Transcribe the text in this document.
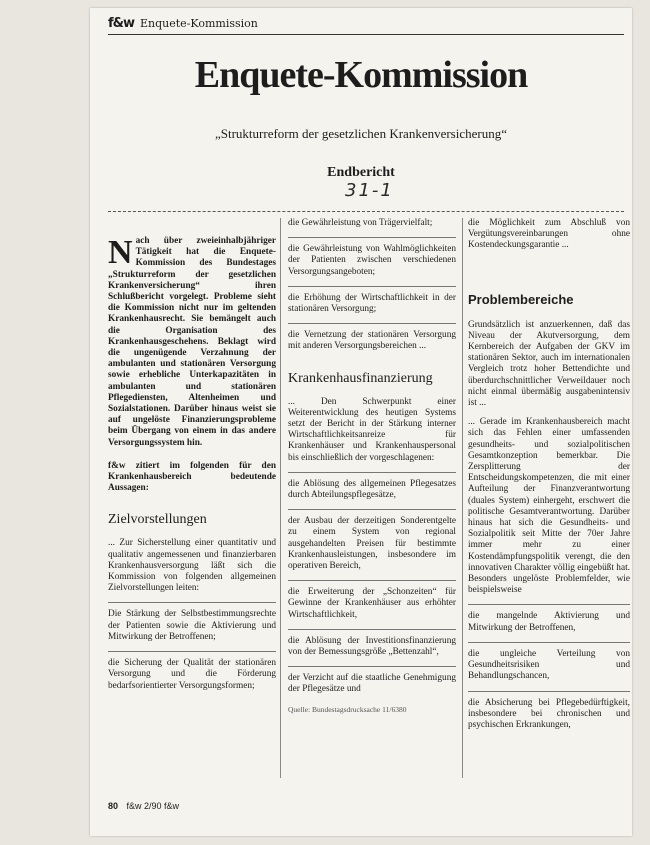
f&w Enquete-Kommission
Enquete-Kommission
„Strukturreform der gesetzlichen Krankenversicherung“
Endbericht
31-1

Nach über zweieinhalbjähriger Tätigkeit hat die Enquete-Kommission des Bundestages „Strukturreform der gesetzlichen Krankenversicherung“ ihren Schlußbericht vorgelegt. Probleme sieht die Kommission nicht nur im geltenden Krankenhausrecht. Sie bemängelt auch die Organisation des Krankenhausgeschehens. Beklagt wird die ungenügende Verzahnung der ambulanten und stationären Versorgung sowie erhebliche Unterkapazitäten in ambulanten und stationären Pflegediensten, Altenheimen und Sozialstationen. Darüber hinaus weist sie auf ungelöste Finanzierungsprobleme beim Übergang von einem in das andere Versorgungssystem hin.

f&w zitiert im folgenden für den Krankenhausbereich bedeutende Aussagen:

Zielvorstellungen

... Zur Sicherstellung einer quantitativ und qualitativ angemessenen und finanzierbaren Krankenhausversorgung läßt sich die Kommission von folgenden allgemeinen Zielvorstellungen leiten:

Die Stärkung der Selbstbestimmungsrechte der Patienten sowie die Aktivierung und Mitwirkung der Betroffenen;

die Sicherung der Qualität der stationären Versorgung und die Förderung bedarfsorientierter Versorgungsformen;

die Gewährleistung von Trägervielfalt;

die Gewährleistung von Wahlmöglichkeiten der Patienten zwischen verschiedenen Versorgungsangeboten;

die Erhöhung der Wirtschaftlichkeit in der stationären Versorgung;

die Vernetzung der stationären Versorgung mit anderen Versorgungsbereichen ...

Krankenhausfinanzierung

... Den Schwerpunkt einer Weiterentwicklung des heutigen Systems setzt der Bericht in der Stärkung interner Wirtschaftlichkeitsanreize für Krankenhäuser und Krankenhauspersonal bis einschließlich der vorgeschlagenen:

die Ablösung des allgemeinen Pflegesatzes durch Abteilungspflegesätze,

der Ausbau der derzeitigen Sonderentgelte zu einem System von regional ausgehandelten Preisen für bestimmte Krankenhausleistungen, insbesondere im operativen Bereich,

die Erweiterung der „Schonzeiten“ für Gewinne der Krankenhäuser aus erhöhter Wirtschaftlichkeit,

die Ablösung der Investitionsfinanzierung von der Bemessungsgröße „Bettenzahl“,

der Verzicht auf die staatliche Genehmigung der Pflegesätze und

Quelle: Bundestagsdrucksache 11/6380

die Möglichkeit zum Abschluß von Vergütungsvereinbarungen ohne Kostendeckungsgarantie ...

Problembereiche

Grundsätzlich ist anzuerkennen, daß das Niveau der Akutversorgung, dem Kernbereich der Aufgaben der GKV im stationären Sektor, auch im internationalen Vergleich trotz hoher Bettendichte und überdurchschnittlicher Verweildauer noch nicht einmal übermäßig ausgabenintensiv ist ...

... Gerade im Krankenhausbereich macht sich das Fehlen einer umfassenden gesundheits- und sozialpolitischen Gesamtkonzeption bemerkbar. Die Zersplitterung der Entscheidungskompetenzen, die mit einer Aufteilung der Finanzverantwortung (duales System) einhergeht, erschwert die politische Gesamtverantwortung. Darüber hinaus hat sich die Gesundheits- und Sozialpolitik seit Mitte der 70er Jahre immer mehr zu einer Kostendämpfungspolitik verengt, die den innovativen Charakter völlig eingebüßt hat. Besonders ungelöste Problemfelder, wie beispielsweise

die mangelnde Aktivierung und Mitwirkung der Betroffenen,

die ungleiche Verteilung von Gesundheitsrisiken und Behandlungschancen,

die Absicherung bei Pflegebedürftigkeit, insbesondere bei chronischen und psychischen Erkrankungen,

80 f&w 2/90 f&w
